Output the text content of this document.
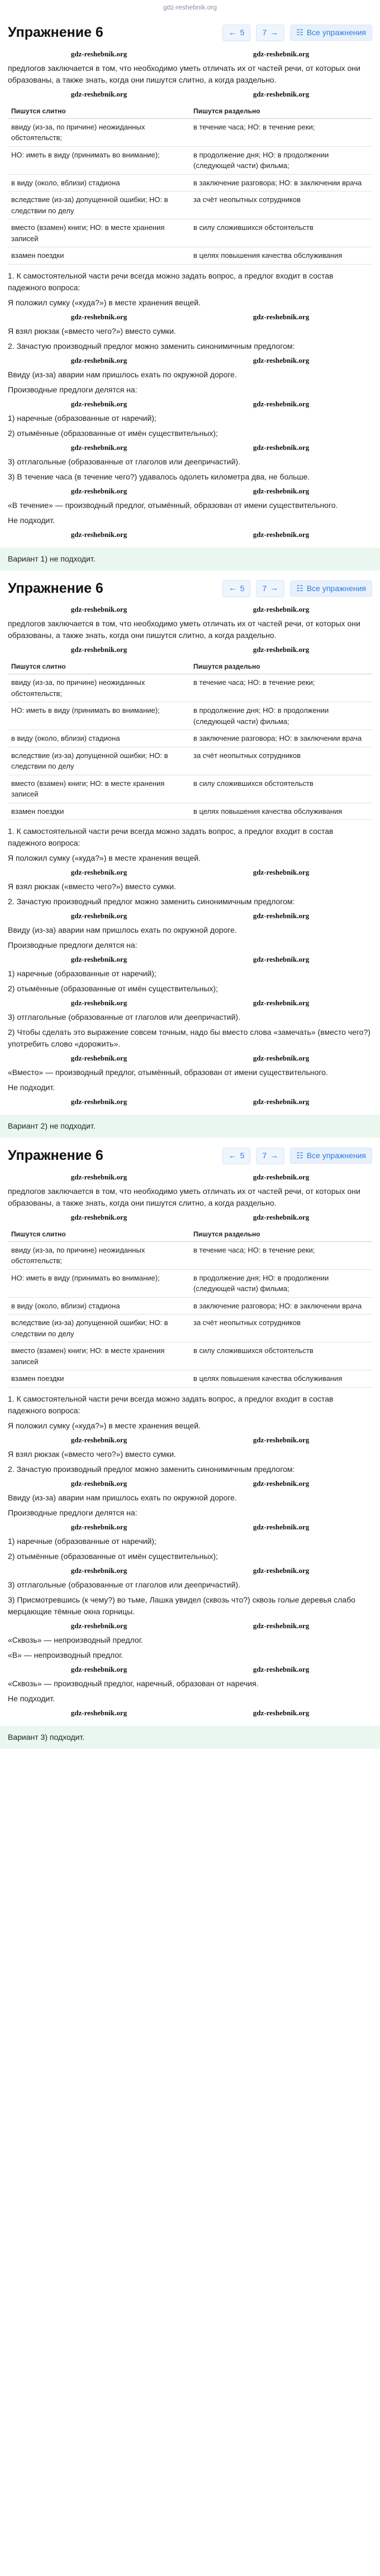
gdz-reshebnik.org
Упражнение 6	← 5 7 → ☷ Все упражнения
gdz-reshebnik.org	gdz-reshebnik.org

предлогов заключается в том, что необходимо уметь отличать их от частей речи, от которых они образованы, а также знать, когда они пишутся слитно, а когда раздельно.

gdz-reshebnik.org	gdz-reshebnik.org
Пишутся слитно	Пишутся раздельно
ввиду (из-за, по причине) неожиданных обстоятельств;	в течение часа; НО: в течение реки;
НО: иметь в виду (принимать во внимание);	в продолжение дня; НО: в продолжении (следующей части) фильма;
в виду (около, вблизи) стадиона	в заключение разговора; НО: в заключении врача
вследствие (из-за) допущенной ошибки; НО: в следствии по делу	за счёт неопытных сотрудников
вместо (взамен) книги; НО: в месте хранения записей	в силу сложившихся обстоятельств
взамен поездки	в целях повышения качества обслуживания

1. К самостоятельной части речи всегда можно задать вопрос, а предлог входит в состав падежного вопроса:

Я положил сумку («куда?») в месте хранения вещей.

gdz-reshebnik.org	gdz-reshebnik.org

Я взял рюкзак («вместо чего?») вместо сумки.

2. Зачастую производный предлог можно заменить синонимичным предлогом:

gdz-reshebnik.org	gdz-reshebnik.org

Ввиду (из-за) аварии нам пришлось ехать по окружной дороге.

Производные предлоги делятся на:

gdz-reshebnik.org	gdz-reshebnik.org

1) наречные (образованные от наречий);

2) отымённые (образованные от имён существительных);

gdz-reshebnik.org	gdz-reshebnik.org

3) отглагольные (образованные от глаголов или деепричастий).

3) В течение часа (в течение чего?) удавалось одолеть километра два, не больше.

gdz-reshebnik.org	gdz-reshebnik.org

«В течение» — производный предлог, отымённый, образован от имени существительного.

Не подходит.

gdz-reshebnik.org	gdz-reshebnik.org
Вариант 1) не подходит.
Упражнение 6	← 5 7 → ☷ Все упражнения
gdz-reshebnik.org	gdz-reshebnik.org

предлогов заключается в том, что необходимо уметь отличать их от частей речи, от которых они образованы, а также знать, когда они пишутся слитно, а когда раздельно.

gdz-reshebnik.org	gdz-reshebnik.org
Пишутся слитно	Пишутся раздельно
ввиду (из-за, по причине) неожиданных обстоятельств;	в течение часа; НО: в течение реки;
НО: иметь в виду (принимать во внимание);	в продолжение дня; НО: в продолжении (следующей части) фильма;
в виду (около, вблизи) стадиона	в заключение разговора; НО: в заключении врача
вследствие (из-за) допущенной ошибки; НО: в следствии по делу	за счёт неопытных сотрудников
вместо (взамен) книги; НО: в месте хранения записей	в силу сложившихся обстоятельств
взамен поездки	в целях повышения качества обслуживания

1. К самостоятельной части речи всегда можно задать вопрос, а предлог входит в состав падежного вопроса:

Я положил сумку («куда?») в месте хранения вещей.

gdz-reshebnik.org	gdz-reshebnik.org

Я взял рюкзак («вместо чего?») вместо сумки.

2. Зачастую производный предлог можно заменить синонимичным предлогом:

gdz-reshebnik.org	gdz-reshebnik.org

Ввиду (из-за) аварии нам пришлось ехать по окружной дороге.

Производные предлоги делятся на:

gdz-reshebnik.org	gdz-reshebnik.org

1) наречные (образованные от наречий);

2) отымённые (образованные от имён существительных);

gdz-reshebnik.org	gdz-reshebnik.org

3) отглагольные (образованные от глаголов или деепричастий).

2) Чтобы сделать это выражение совсем точным, надо бы вместо слова «замечать» (вместо чего?) употребить слово «дорожить».

gdz-reshebnik.org	gdz-reshebnik.org

«Вместо» — производный предлог, отымённый, образован от имени существительного.

Не подходит.

gdz-reshebnik.org	gdz-reshebnik.org
Вариант 2) не подходит.
Упражнение 6	← 5 7 → ☷ Все упражнения
gdz-reshebnik.org	gdz-reshebnik.org

предлогов заключается в том, что необходимо уметь отличать их от частей речи, от которых они образованы, а также знать, когда они пишутся слитно, а когда раздельно.

gdz-reshebnik.org	gdz-reshebnik.org
Пишутся слитно	Пишутся раздельно
ввиду (из-за, по причине) неожиданных обстоятельств;	в течение часа; НО: в течение реки;
НО: иметь в виду (принимать во внимание);	в продолжение дня; НО: в продолжении (следующей части) фильма;
в виду (около, вблизи) стадиона	в заключение разговора; НО: в заключении врача
вследствие (из-за) допущенной ошибки; НО: в следствии по делу	за счёт неопытных сотрудников
вместо (взамен) книги; НО: в месте хранения записей	в силу сложившихся обстоятельств
взамен поездки	в целях повышения качества обслуживания

1. К самостоятельной части речи всегда можно задать вопрос, а предлог входит в состав падежного вопроса:

Я положил сумку («куда?») в месте хранения вещей.

gdz-reshebnik.org	gdz-reshebnik.org

Я взял рюкзак («вместо чего?») вместо сумки.

2. Зачастую производный предлог можно заменить синонимичным предлогом:

gdz-reshebnik.org	gdz-reshebnik.org

Ввиду (из-за) аварии нам пришлось ехать по окружной дороге.

Производные предлоги делятся на:

gdz-reshebnik.org	gdz-reshebnik.org

1) наречные (образованные от наречий);

2) отымённые (образованные от имён существительных);

gdz-reshebnik.org	gdz-reshebnik.org

3) отглагольные (образованные от глаголов или деепричастий).

3) Присмотревшись (к чему?) во тьме, Лашка увидел (сквозь что?) сквозь голые деревья слабо мерцающие тёмные окна горницы.

gdz-reshebnik.org	gdz-reshebnik.org

«Сквозь» — непроизводный предлог.

«В» — непроизводный предлог.

gdz-reshebnik.org	gdz-reshebnik.org

«Сквозь» — производный предлог, наречный, образован от наречия.

Не подходит.

gdz-reshebnik.org	gdz-reshebnik.org
Вариант 3) подходит.
